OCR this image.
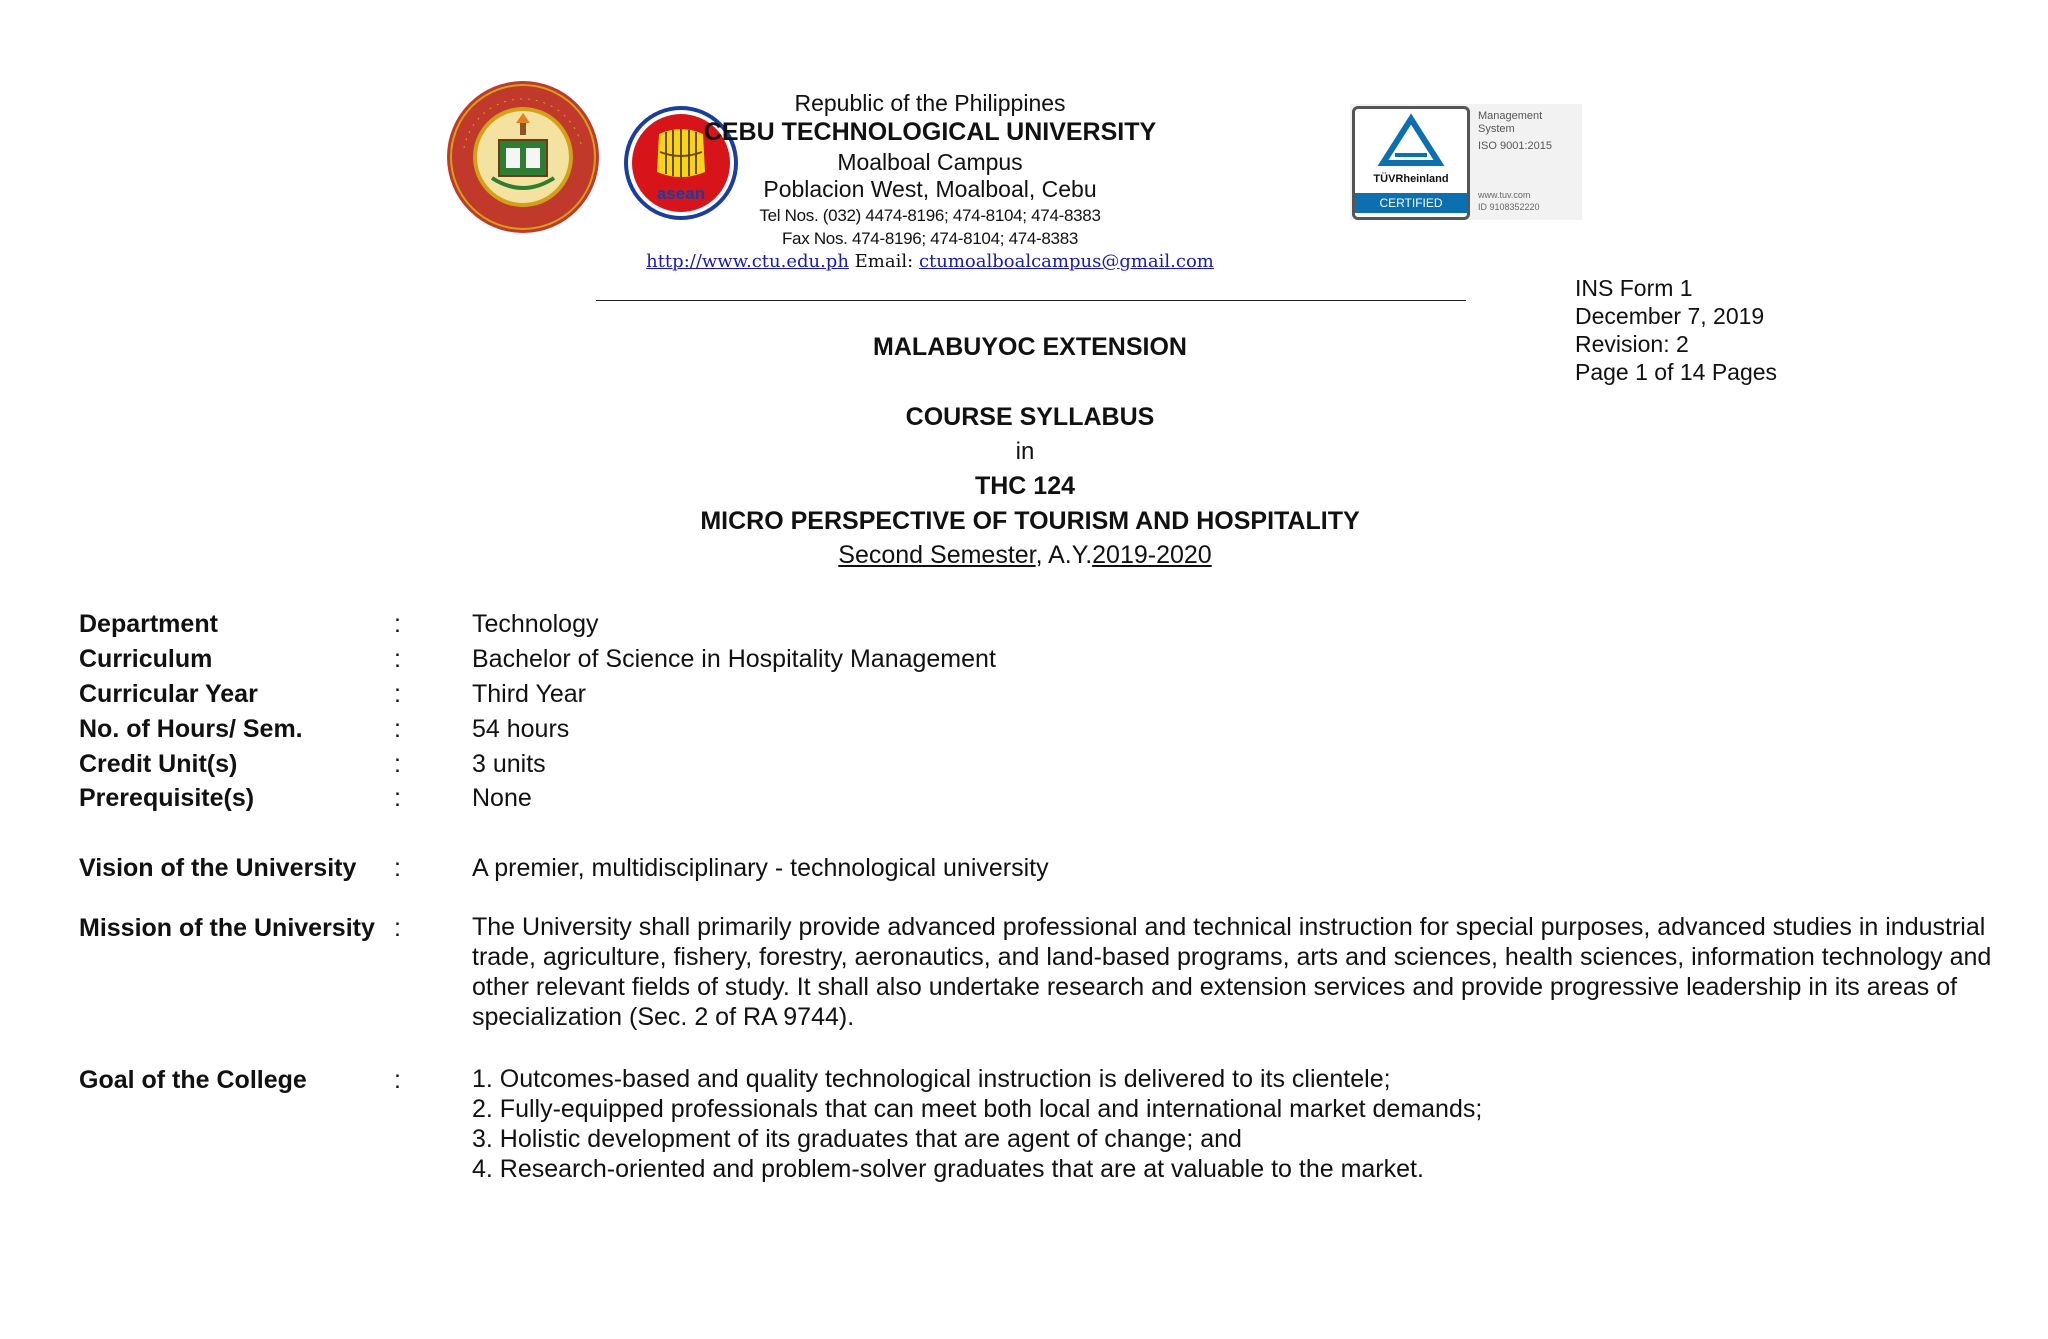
asean
TÜVRheinland
CERTIFIED
Management System
ISO 9001:2015
www.tuv.com
ID 9108352220
Republic of the Philippines
CEBU TECHNOLOGICAL UNIVERSITY
Moalboal Campus
Poblacion West, Moalboal, Cebu
Tel Nos. (032) 4474-8196; 474-8104; 474-8383
Fax Nos. 474-8196; 474-8104; 474-8383
http://www.ctu.edu.ph Email: ctumoalboalcampus@gmail.com
INS Form 1
December 7, 2019
Revision: 2
Page 1 of 14 Pages
MALABUYOC EXTENSION
COURSE SYLLABUS
in
THC 124
MICRO PERSPECTIVE OF TOURISM AND HOSPITALITY
Second Semester, A.Y.2019-2020
Department	:	Technology
Curriculum	:	Bachelor of Science in Hospitality Management
Curricular Year	:	Third Year
No. of Hours/ Sem.	:	54 hours
Credit Unit(s)	:	3 units
Prerequisite(s)	:	None
Vision of the University :	A premier, multidisciplinary - technological university
Mission of the University :	The University shall primarily provide advanced professional and technical instruction for special purposes, advanced studies in industrial trade, agriculture, fishery, forestry, aeronautics, and land-based programs, arts and sciences, health sciences, information technology and other relevant fields of study. It shall also undertake research and extension services and provide progressive leadership in its areas of specialization (Sec. 2 of RA 9744).
Goal of the College	:	1. Outcomes-based and quality technological instruction is delivered to its clientele;
2. Fully-equipped professionals that can meet both local and international market demands;
3. Holistic development of its graduates that are agent of change; and
4. Research-oriented and problem-solver graduates that are at valuable to the market.
